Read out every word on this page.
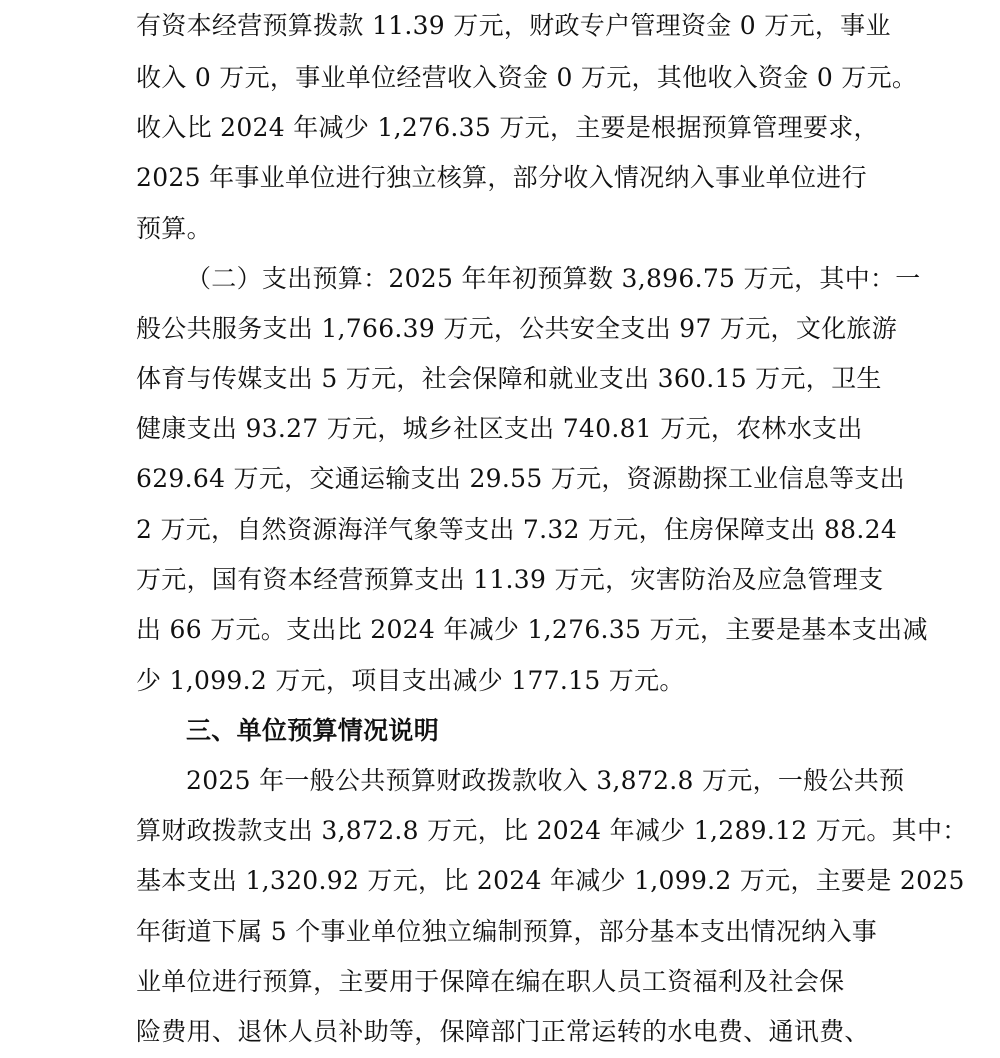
有资本经营预算拨款 11.39 万元，财政专户管理资金 0 万元，事业
收入 0 万元，事业单位经营收入资金 0 万元，其他收入资金 0 万元。
收入比 2024 年减少 1,276.35 万元，主要是根据预算管理要求，
2025 年事业单位进行独立核算，部分收入情况纳入事业单位进行
预算。
（二）支出预算：2025 年年初预算数 3,896.75 万元，其中：一
般公共服务支出 1,766.39 万元，公共安全支出 97 万元，文化旅游
体育与传媒支出 5 万元，社会保障和就业支出 360.15 万元，卫生
健康支出 93.27 万元，城乡社区支出 740.81 万元，农林水支出
629.64 万元，交通运输支出 29.55 万元，资源勘探工业信息等支出
2 万元，自然资源海洋气象等支出 7.32 万元，住房保障支出 88.24
万元，国有资本经营预算支出 11.39 万元，灾害防治及应急管理支
出 66 万元。支出比 2024 年减少 1,276.35 万元，主要是基本支出减
少 1,099.2 万元，项目支出减少 177.15 万元。
三、单位预算情况说明
2025 年一般公共预算财政拨款收入 3,872.8 万元，一般公共预
算财政拨款支出 3,872.8 万元，比 2024 年减少 1,289.12 万元。其中：
基本支出 1,320.92 万元，比 2024 年减少 1,099.2 万元，主要是 2025
年街道下属 5 个事业单位独立编制预算，部分基本支出情况纳入事
业单位进行预算，主要用于保障在编在职人员工资福利及社会保
险费用、退休人员补助等，保障部门正常运转的水电费、通讯费、
